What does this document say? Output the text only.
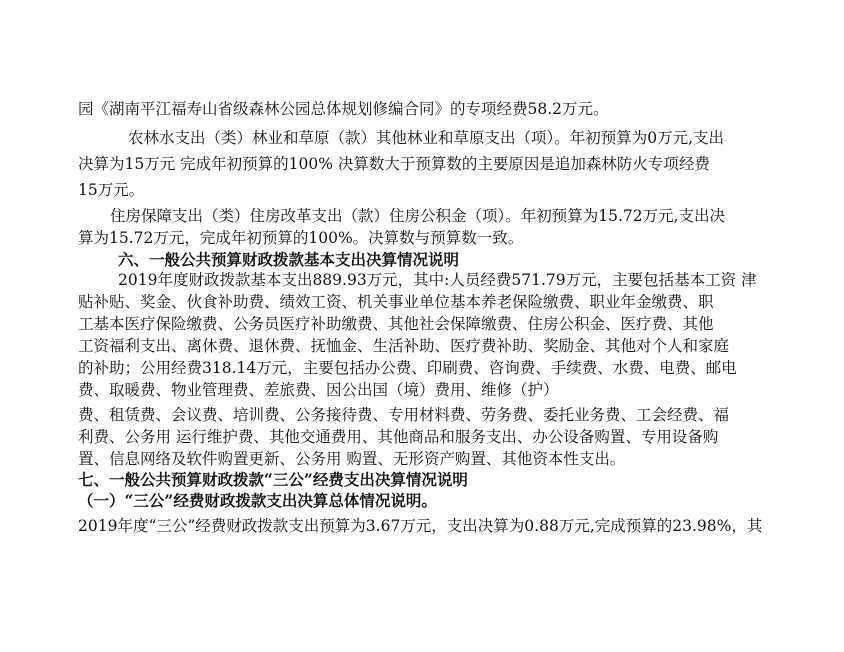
园《湖南平江福寿山省级森林公园总体规划修编合同》的专项经费58.2万元。
农林水支出（类）林业和草原（款）其他林业和草原支出（项）。年初预算为0万元,支出
决算为15万元 完成年初预算的100% 决算数大于预算数的主要原因是追加森林防火专项经费
15万元。
住房保障支出（类）住房改革支出（款）住房公积金（项）。年初预算为15.72万元,支出决
算为15.72万元，完成年初预算的100%。决算数与预算数一致。
六、一般公共预算财政拨款基本支出决算情况说明
2019年度财政拨款基本支出889.93万元，其中:人员经费571.79万元，主要包括基本工资 津
贴补贴、奖金、伙食补助费、绩效工资、机关事业单位基本养老保险缴费、职业年金缴费、职
工基本医疗保险缴费、公务员医疗补助缴费、其他社会保障缴费、住房公积金、医疗费、其他
工资福利支出、离休费、退休费、抚恤金、生活补助、医疗费补助、奖励金、其他对个人和家庭
的补助；公用经费318.14万元，主要包括办公费、印刷费、咨询费、手续费、水费、电费、邮电
费、取暖费、物业管理费、差旅费、因公出国（境）费用、维修（护）
费、租赁费、会议费、培训费、公务接待费、专用材料费、劳务费、委托业务费、工会经费、福
利费、公务用 运行维护费、其他交通费用、其他商品和服务支出、办公设备购置、专用设备购
置、信息网络及软件购置更新、公务用 购置、无形资产购置、其他资本性支出。
七、一般公共预算财政拨款“三公”经费支出决算情况说明
（一）“三公”经费财政拨款支出决算总体情况说明。
2019年度“三公”经费财政拨款支出预算为3.67万元，支出决算为0.88万元,完成预算的23.98%，其
